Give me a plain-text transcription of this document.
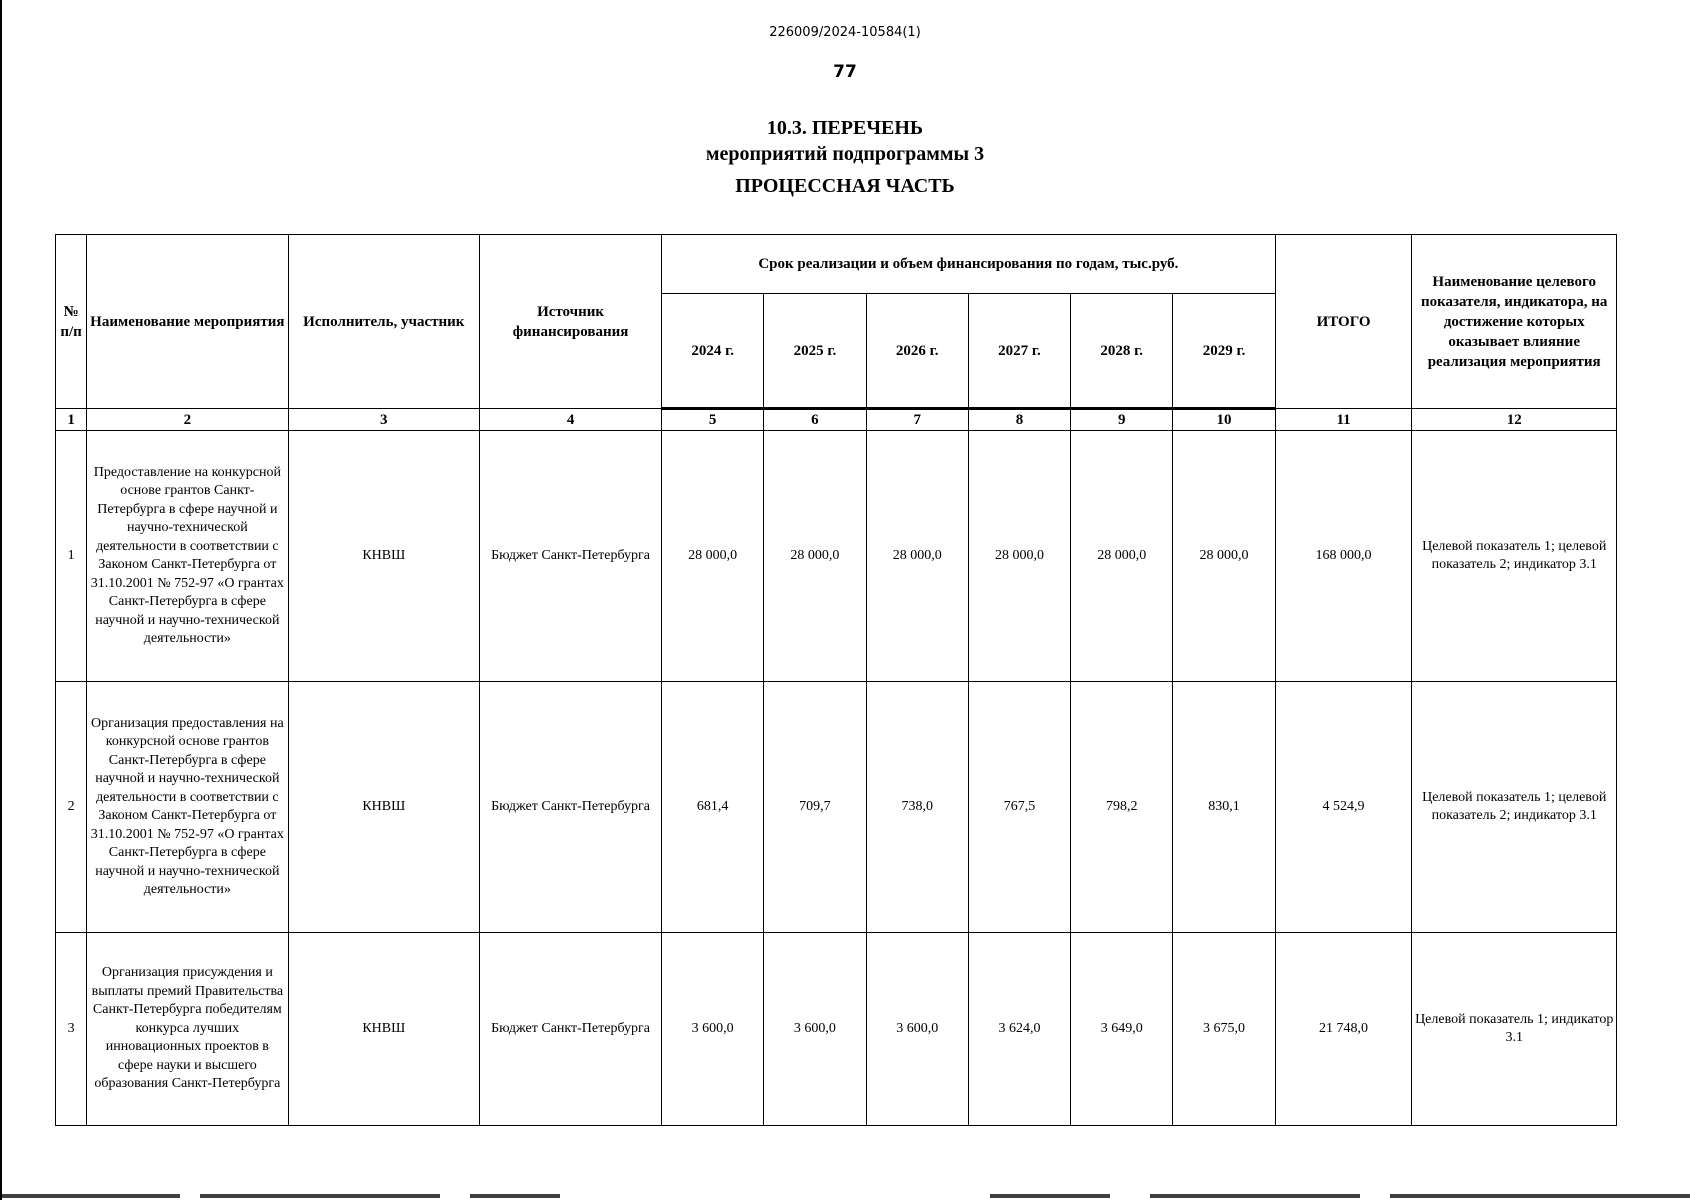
226009/2024-10584(1)
77
10.3. ПЕРЕЧЕНЬ
мероприятий подпрограммы 3
ПРОЦЕССНАЯ ЧАСТЬ
№ п/п	Наименование мероприятия	Исполнитель, участник	Источник финансирования	Срок реализации и объем финансирования по годам, тыс.руб.						ИТОГО	Наименование целевого показателя, индикатора, на достижение которых оказывает влияние реализация мероприятия
				2024 г.	2025 г.	2026 г.	2027 г.	2028 г.	2029 г.		
1	2	3	4	5	6	7	8	9	10	11	12
1	Предоставление на конкурсной основе грантов Санкт-Петербурга в сфере научной и научно-технической деятельности в соответствии с Законом Санкт-Петербурга от 31.10.2001 № 752-97 «О грантах Санкт-Петербурга в сфере научной и научно-технической деятельности»	КНВШ	Бюджет Санкт-Петербурга	28 000,0	28 000,0	28 000,0	28 000,0	28 000,0	28 000,0	168 000,0	Целевой показатель 1; целевой показатель 2; индикатор 3.1
2	Организация предоставления на конкурсной основе грантов Санкт-Петербурга в сфере научной и научно-технической деятельности в соответствии с Законом Санкт-Петербурга от 31.10.2001 № 752-97 «О грантах Санкт-Петербурга в сфере научной и научно-технической деятельности»	КНВШ	Бюджет Санкт-Петербурга	681,4	709,7	738,0	767,5	798,2	830,1	4 524,9	Целевой показатель 1; целевой показатель 2; индикатор 3.1
3	Организация присуждения и выплаты премий Правительства Санкт-Петербурга победителям конкурса лучших инновационных проектов в сфере науки и высшего образования Санкт-Петербурга	КНВШ	Бюджет Санкт-Петербурга	3 600,0	3 600,0	3 600,0	3 624,0	3 649,0	3 675,0	21 748,0	Целевой показатель 1; индикатор 3.1
